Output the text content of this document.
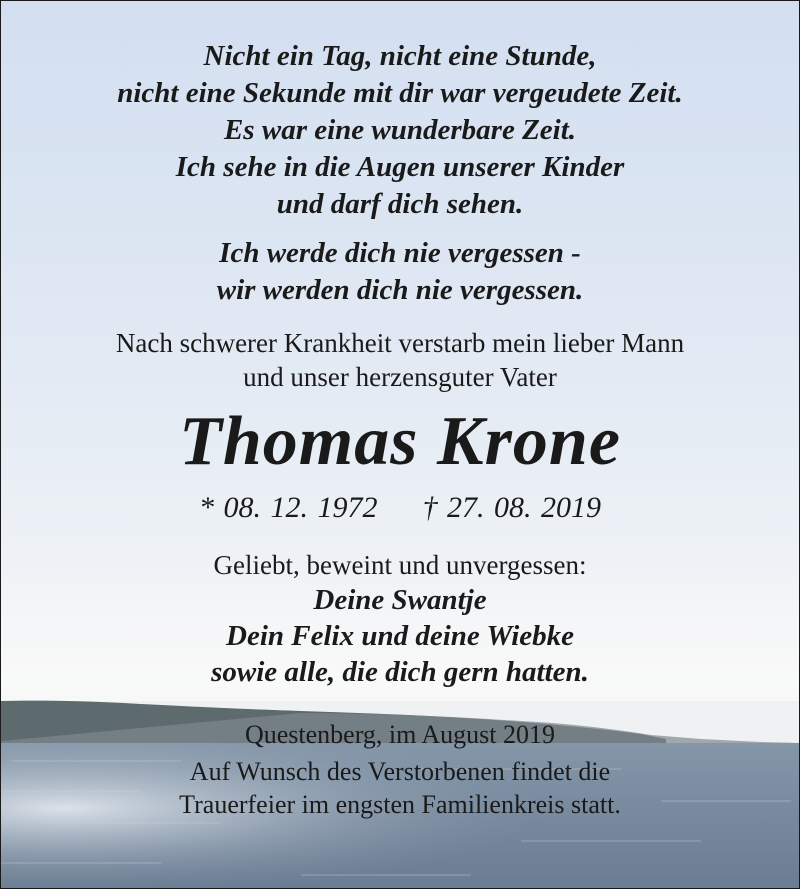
Nicht ein Tag, nicht eine Stunde,
nicht eine Sekunde mit dir war vergeudete Zeit.
Es war eine wunderbare Zeit.
Ich sehe in die Augen unserer Kinder
und darf dich sehen.
Ich werde dich nie vergessen -
wir werden dich nie vergessen.
Nach schwerer Krankheit verstarb mein lieber Mann
und unser herzensguter Vater
Thomas Krone
* 08. 12. 1972 † 27. 08. 2019
Geliebt, beweint und unvergessen:
Deine Swantje
Dein Felix und deine Wiebke
sowie alle, die dich gern hatten.
Questenberg, im August 2019
Auf Wunsch des Verstorbenen findet die
Trauerfeier im engsten Familienkreis statt.
